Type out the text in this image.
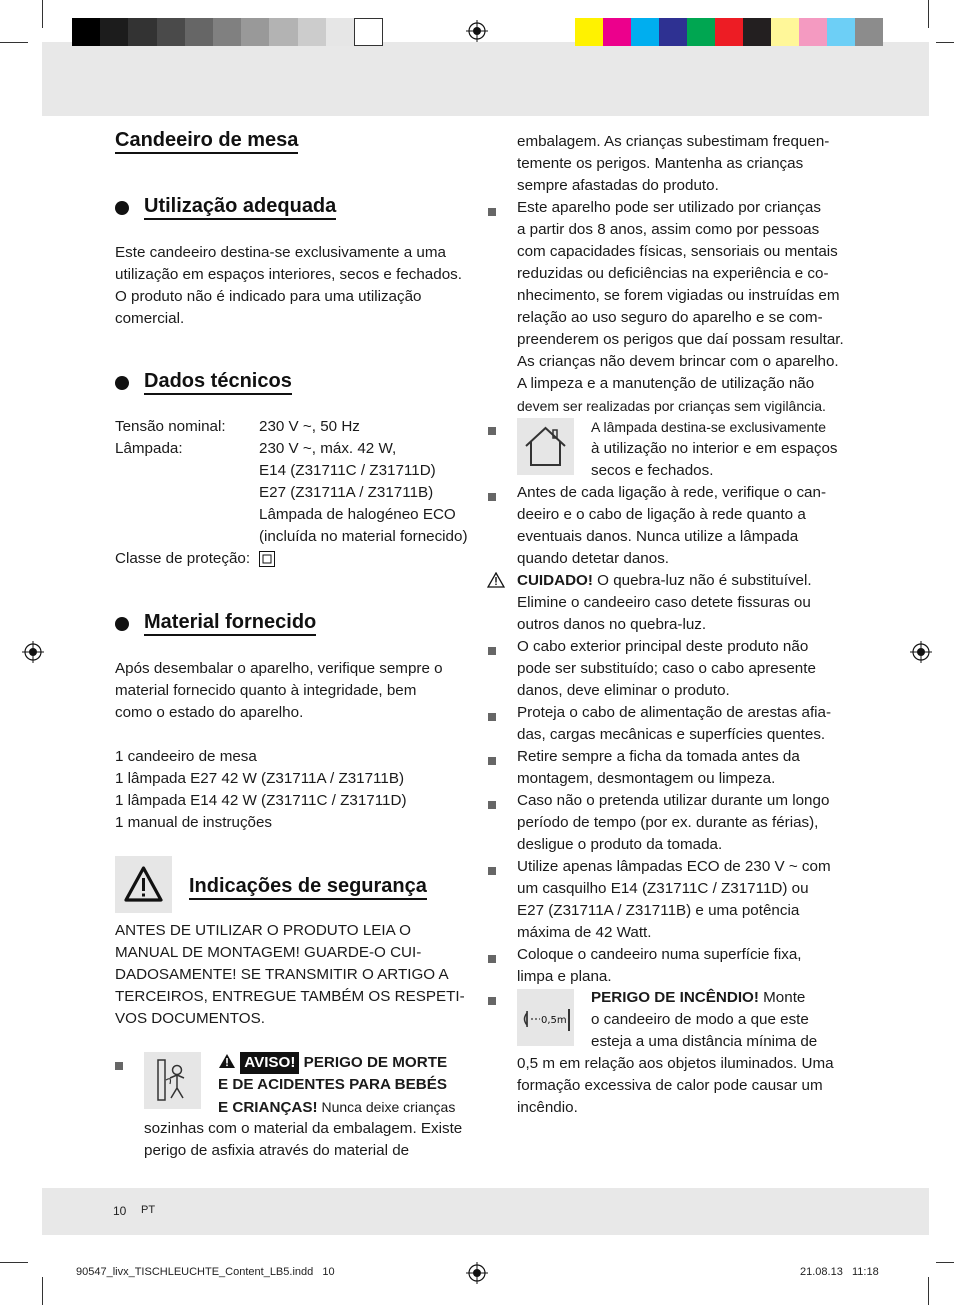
Candeeiro de mesa
Utilização adequada
Este candeeiro destina-se exclusivamente a uma
utilização em espaços interiores, secos e fechados.
O produto não é indicado para uma utilização
comercial.
Dados técnicos
Tensão nominal:	230 V ~, 50 Hz
Lâmpada:	230 V ~, máx. 42 W,
E14 (Z31711C / Z31711D)
E27 (Z31711A / Z31711B)
Lâmpada de halogéneo ECO
(incluída no material fornecido)
Classe de proteção:
Material fornecido
Após desembalar o aparelho, verifique sempre o
material fornecido quanto à integridade, bem
como o estado do aparelho.
1 candeeiro de mesa
1 lâmpada E27 42 W (Z31711A / Z31711B)
1 lâmpada E14 42 W (Z31711C / Z31711D)
1 manual de instruções
Indicações de segurança
ANTES DE UTILIZAR O PRODUTO LEIA O
MANUAL DE MONTAGEM! GUARDE-O CUI-
DADOSAMENTE! SE TRANSMITIR O ARTIGO A
TERCEIROS, ENTREGUE TAMBÉM OS RESPETI-
VOS DOCUMENTOS.
AVISO! PERIGO DE MORTE
E DE ACIDENTES PARA BEBÉS
E CRIANÇAS! Nunca deixe crianças
sozinhas com o material da embalagem. Existe
perigo de asfixia através do material de
embalagem. As crianças subestimam frequen-
temente os perigos. Mantenha as crianças
sempre afastadas do produto.
Este aparelho pode ser utilizado por crianças
a partir dos 8 anos, assim como por pessoas
com capacidades físicas, sensoriais ou mentais
reduzidas ou deficiências na experiência e co-
nhecimento, se forem vigiadas ou instruídas em
relação ao uso seguro do aparelho e se com-
preenderem os perigos que daí possam resultar.
As crianças não devem brincar com o aparelho.
A limpeza e a manutenção de utilização não
devem ser realizadas por crianças sem vigilância.
A lâmpada destina-se exclusivamente
à utilização no interior e em espaços
secos e fechados.
Antes de cada ligação à rede, verifique o can-
deeiro e o cabo de ligação à rede quanto a
eventuais danos. Nunca utilize a lâmpada
quando detetar danos.
CUIDADO! O quebra-luz não é substituível.
Elimine o candeeiro caso detete fissuras ou
outros danos no quebra-luz.
O cabo exterior principal deste produto não
pode ser substituído; caso o cabo apresente
danos, deve eliminar o produto.
Proteja o cabo de alimentação de arestas afia-
das, cargas mecânicas e superfícies quentes.
Retire sempre a ficha da tomada antes da
montagem, desmontagem ou limpeza.
Caso não o pretenda utilizar durante um longo
período de tempo (por ex. durante as férias),
desligue o produto da tomada.
Utilize apenas lâmpadas ECO de 230 V ~ com
um casquilho E14 (Z31711C / Z31711D) ou
E27 (Z31711A / Z31711B) e uma potência
máxima de 42 Watt.
Coloque o candeeiro numa superfície fixa,
limpa e plana.
0,5m
PERIGO DE INCÊNDIO! Monte
o candeeiro de modo a que este
esteja a uma distância mínima de
0,5 m em relação aos objetos iluminados. Uma
formação excessiva de calor pode causar um
incêndio.
10 PT
90547_livx_TISCHLEUCHTE_Content_LB5.indd   10	21.08.13   11:18
